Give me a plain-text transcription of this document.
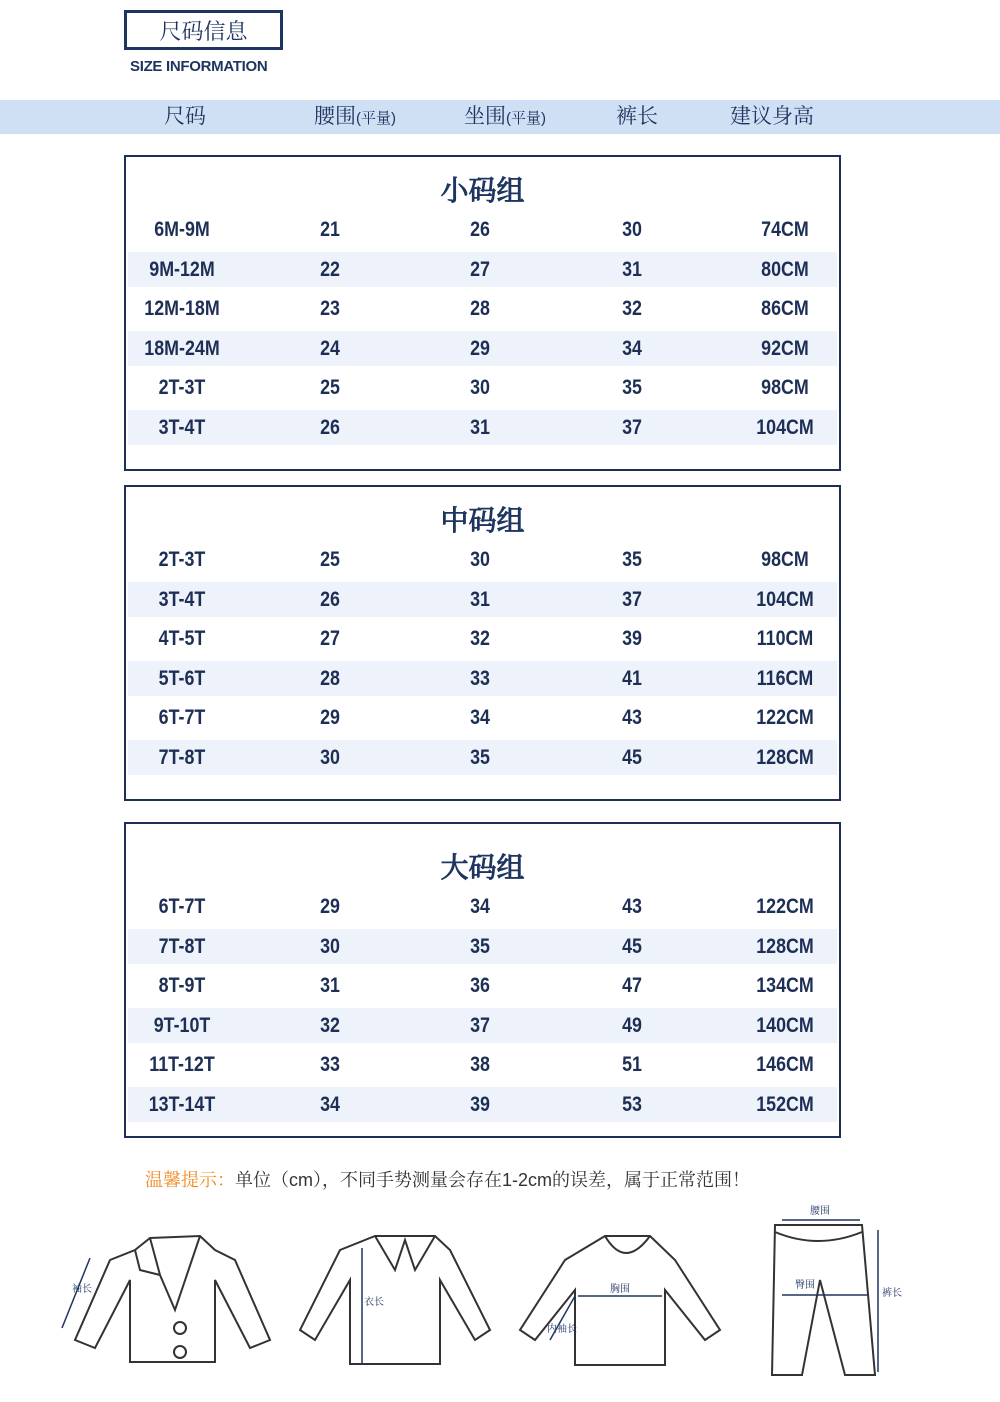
尺码信息
SIZE INFORMATION
尺码	腰围(平量)	坐围(平量)	裤长	建议身高
小码组
6M-9M	21	26	30	74CM
9M-12M	22	27	31	80CM
12M-18M	23	28	32	86CM
18M-24M	24	29	34	92CM
2T-3T	25	30	35	98CM
3T-4T	26	31	37	104CM
中码组
2T-3T	25	30	35	98CM
3T-4T	26	31	37	104CM
4T-5T	27	32	39	110CM
5T-6T	28	33	41	116CM
6T-7T	29	34	43	122CM
7T-8T	30	35	45	128CM
大码组
6T-7T	29	34	43	122CM
7T-8T	30	35	45	128CM
8T-9T	31	36	47	134CM
9T-10T	32	37	49	140CM
11T-12T	33	38	51	146CM
13T-14T	34	39	53	152CM
温馨提示：单位（cm），不同手势测量会存在1-2cm的误差，属于正常范围！
袖长
衣长
胸围
内袖长
腰围
臀围
裤长
